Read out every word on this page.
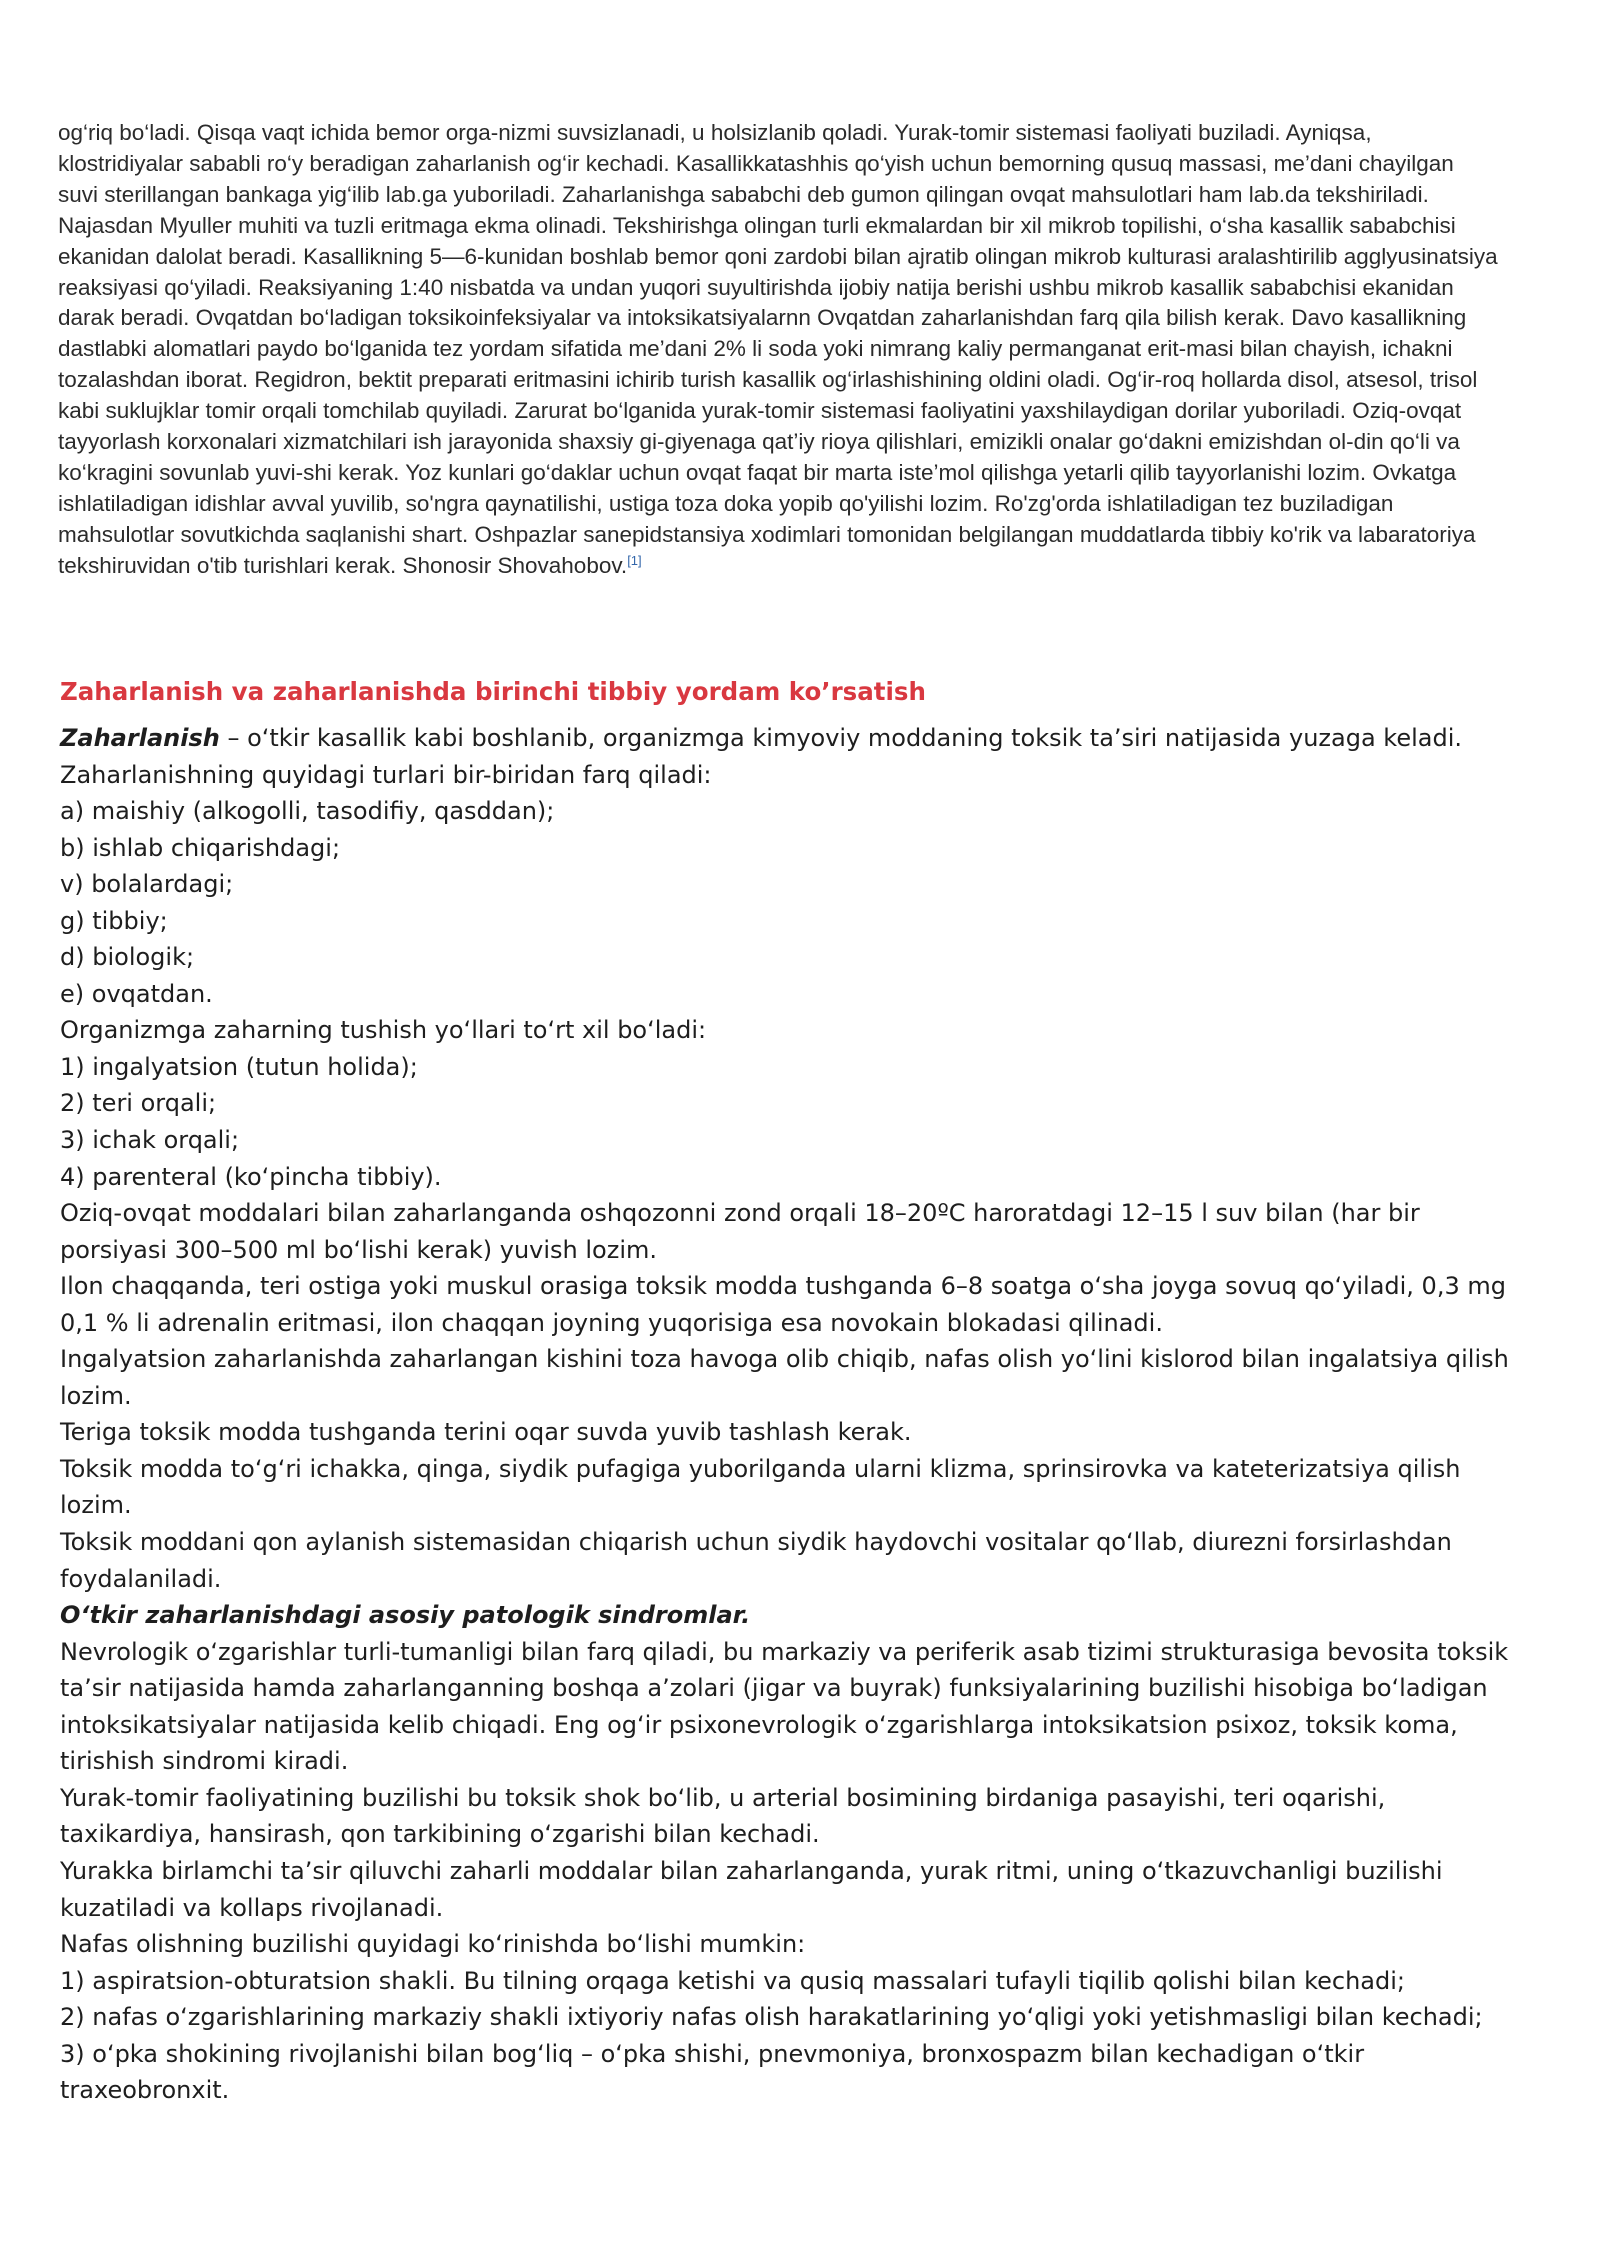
og‘riq bo‘ladi. Qisqa vaqt ichida bemor orga-nizmi suvsizlanadi, u holsizlanib qoladi. Yurak-tomir sistemasi faoliyati buziladi. Ayniqsa, klostridiyalar sababli ro‘y beradigan zaharlanish og‘ir kechadi. Kasallikkatashhis qo‘yish uchun bemorning qusuq massasi, me’dani chayilgan suvi sterillangan bankaga yig‘ilib lab.ga yuboriladi. Zaharlanishga sababchi deb gumon qilingan ovqat mahsulotlari ham lab.da tekshiriladi. Najasdan Myuller muhiti va tuzli eritmaga ekma olinadi. Tekshirishga olingan turli ekmalardan bir xil mikrob topilishi, o‘sha kasallik sababchisi ekanidan dalolat beradi. Kasallikning 5—6-kunidan boshlab bemor qoni zardobi bilan ajratib olingan mikrob kulturasi aralashtirilib agglyusinatsiya reaksiyasi qo‘yiladi. Reaksiyaning 1:40 nisbatda va undan yuqori suyultirishda ijobiy natija berishi ushbu mikrob kasallik sababchisi ekanidan darak beradi. Ovqatdan bo‘ladigan toksikoinfeksiyalar va intoksikatsiyalarnn Ovqatdan zaharlanishdan farq qila bilish kerak. Davo kasallikning dastlabki alomatlari paydo bo‘lganida tez yordam sifatida me’dani 2% li soda yoki nimrang kaliy permanganat erit-masi bilan chayish, ichakni tozalashdan iborat. Regidron, bektit preparati eritmasini ichirib turish kasallik og‘irlashishining oldini oladi. Og‘ir-roq hollarda disol, atsesol, trisol kabi suklujklar tomir orqali tomchilab quyiladi. Zarurat bo‘lganida yurak-tomir sistemasi faoliyatini yaxshilaydigan dorilar yuboriladi. Oziq-ovqat tayyorlash korxonalari xizmatchilari ish jarayonida shaxsiy gi-giyenaga qat’iy rioya qilishlari, emizikli onalar go‘dakni emizishdan ol-din qo‘li va ko‘kragini sovunlab yuvi-shi kerak. Yoz kunlari go‘daklar uchun ovqat faqat bir marta iste’mol qilishga yetarli qilib tayyorlanishi lozim. Ovkatga ishlatiladigan idishlar avval yuvilib, so'ngra qaynatilishi, ustiga toza doka yopib qo'yilishi lozim. Ro'zg'orda ishlatiladigan tez buziladigan mahsulotlar sovutkichda saqlanishi shart. Oshpazlar sanepidstansiya xodimlari tomonidan belgilangan muddatlarda tibbiy ko'rik va labaratoriya tekshiruvidan o'tib turishlari kerak. Shonosir Shovahobov.[1]

Zaharlanish va zaharlanishda birinchi tibbiy yordam ko’rsatish

Zaharlanish – o‘tkir kasallik kabi boshlanib, organizmga kimyoviy moddaning toksik ta’siri natijasida yuzaga keladi.

Zaharlanishning quyidagi turlari bir-biridan farq qiladi:

a) maishiy (alkogolli, tasodifiy, qasddan);

b) ishlab chiqarishdagi;

v) bolalardagi;

g) tibbiy;

d) biologik;

e) ovqatdan.

Organizmga zaharning tushish yo‘llari to‘rt xil bo‘ladi:

1) ingalyatsion (tutun holida);

2) teri orqali;

3) ichak orqali;

4) parenteral (ko‘pincha tibbiy).

Oziq-ovqat moddalari bilan zaharlanganda oshqozonni zond orqali 18–20ºC haroratdagi 12–15 l suv bilan (har bir porsiyasi 300–500 ml bo‘lishi kerak) yuvish lozim.

Ilon chaqqanda, teri ostiga yoki muskul orasiga toksik modda tushganda 6–8 soatga o‘sha joyga sovuq qo‘yiladi, 0,3 mg 0,1 % li adrenalin eritmasi, ilon chaqqan joyning yuqorisiga esa novokain blokadasi qilinadi.

Ingalyatsion zaharlanishda zaharlangan kishini toza havoga olib chiqib, nafas olish yo‘lini kislorod bilan ingalatsiya qilish lozim.

Teriga toksik modda tushganda terini oqar suvda yuvib tashlash kerak.

Toksik modda to‘g‘ri ichakka, qinga, siydik pufagiga yuborilganda ularni klizma, sprinsirovka va kateterizatsiya qilish lozim.

Toksik moddani qon aylanish sistemasidan chiqarish uchun siydik haydovchi vositalar qo‘llab, diurezni forsirlashdan foydalaniladi.

O‘tkir zaharlanishdagi asosiy patologik sindromlar.

Nevrologik o‘zgarishlar turli-tumanligi bilan farq qiladi, bu markaziy va periferik asab tizimi strukturasiga bevosita toksik ta’sir natijasida hamda zaharlanganning boshqa a’zolari (jigar va buyrak) funksiyalarining buzilishi hisobiga bo‘ladigan intoksikatsiyalar natijasida kelib chiqadi. Eng og‘ir psixonevrologik o‘zgarishlarga intoksikatsion psixoz, toksik koma, tirishish sindromi kiradi.

Yurak-tomir faoliyatining buzilishi bu toksik shok bo‘lib, u arterial bosimining birdaniga pasayishi, teri oqarishi, taxikardiya, hansirash, qon tarkibining o‘zgarishi bilan kechadi.

Yurakka birlamchi ta’sir qiluvchi zaharli moddalar bilan zaharlanganda, yurak ritmi, uning o‘tkazuvchanligi buzilishi kuzatiladi va kollaps rivojlanadi.

Nafas olishning buzilishi quyidagi ko‘rinishda bo‘lishi mumkin:

1) aspiratsion-obturatsion shakli. Bu tilning orqaga ketishi va qusiq massalari tufayli tiqilib qolishi bilan kechadi;

2) nafas o‘zgarishlarining markaziy shakli ixtiyoriy nafas olish harakatlarining yo‘qligi yoki yetishmasligi bilan kechadi;

3) o‘pka shokining rivojlanishi bilan bog‘liq – o‘pka shishi, pnevmoniya, bronxospazm bilan kechadigan o‘tkir traxeobronxit.
